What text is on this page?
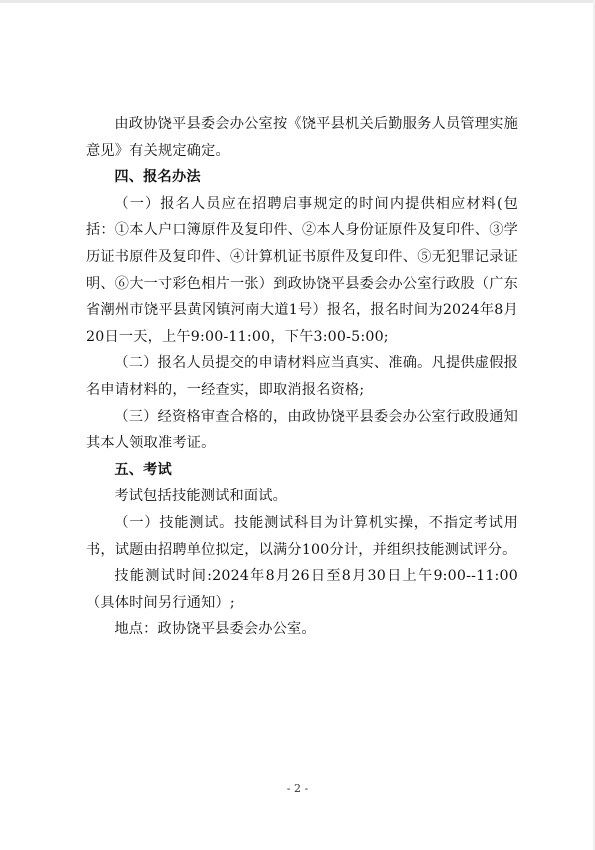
由政协饶平县委会办公室按《饶平县机关后勤服务人员管理实施意见》有关规定确定。

四、报名办法

（一）报名人员应在招聘启事规定的时间内提供相应材料(包括：①本人户口簿原件及复印件、②本人身份证原件及复印件、③学历证书原件及复印件、④计算机证书原件及复印件、⑤无犯罪记录证明、⑥大一寸彩色相片一张）到政协饶平县委会办公室行政股（广东省潮州市饶平县黄冈镇河南大道1号）报名，报名时间为2024年8月20日一天，上午9:00-11:00，下午3:00-5:00;

（二）报名人员提交的申请材料应当真实、准确。凡提供虚假报名申请材料的，一经查实，即取消报名资格;

（三）经资格审查合格的，由政协饶平县委会办公室行政股通知其本人领取准考证。

五、考试

考试包括技能测试和面试。

（一）技能测试。技能测试科目为计算机实操，不指定考试用书，试题由招聘单位拟定，以满分100分计，并组织技能测试评分。

技能测试时间:2024年8月26日至8月30日上午9:00--11:00（具体时间另行通知）;

地点：政协饶平县委会办公室。

- 2 -
